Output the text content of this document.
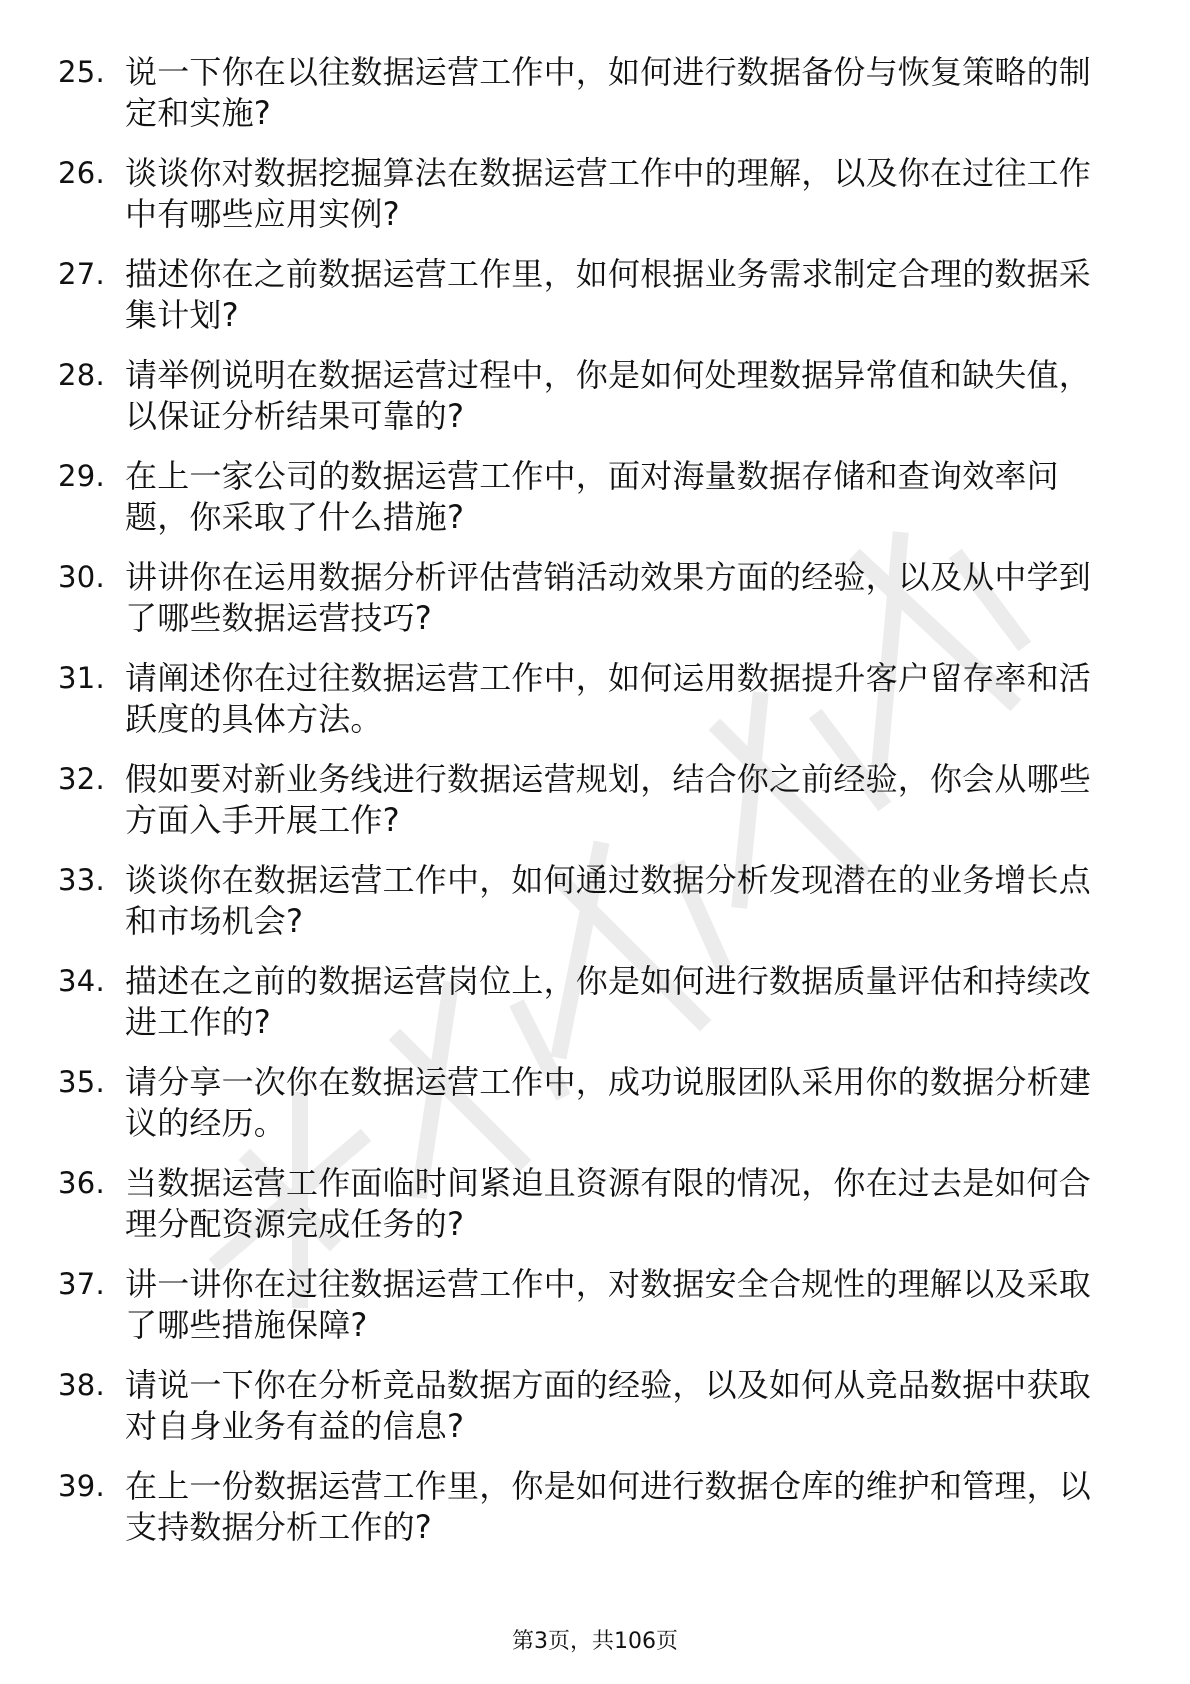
25. 说一下你在以往数据运营工作中，如何进行数据备份与恢复策略的制定和实施?
26. 谈谈你对数据挖掘算法在数据运营工作中的理解，以及你在过往工作中有哪些应用实例?
27. 描述你在之前数据运营工作里，如何根据业务需求制定合理的数据采集计划?
28. 请举例说明在数据运营过程中，你是如何处理数据异常值和缺失值，以保证分析结果可靠的?
29. 在上一家公司的数据运营工作中，面对海量数据存储和查询效率问题，你采取了什么措施?
30. 讲讲你在运用数据分析评估营销活动效果方面的经验，以及从中学到了哪些数据运营技巧?
31. 请阐述你在过往数据运营工作中，如何运用数据提升客户留存率和活跃度的具体方法。
32. 假如要对新业务线进行数据运营规划，结合你之前经验，你会从哪些方面入手开展工作?
33. 谈谈你在数据运营工作中，如何通过数据分析发现潜在的业务增长点和市场机会?
34. 描述在之前的数据运营岗位上，你是如何进行数据质量评估和持续改进工作的?
35. 请分享一次你在数据运营工作中，成功说服团队采用你的数据分析建议的经历。
36. 当数据运营工作面临时间紧迫且资源有限的情况，你在过去是如何合理分配资源完成任务的?
37. 讲一讲你在过往数据运营工作中，对数据安全合规性的理解以及采取了哪些措施保障?
38. 请说一下你在分析竞品数据方面的经验，以及如何从竞品数据中获取对自身业务有益的信息?
39. 在上一份数据运营工作里，你是如何进行数据仓库的维护和管理，以支持数据分析工作的?
第3页，共106页
